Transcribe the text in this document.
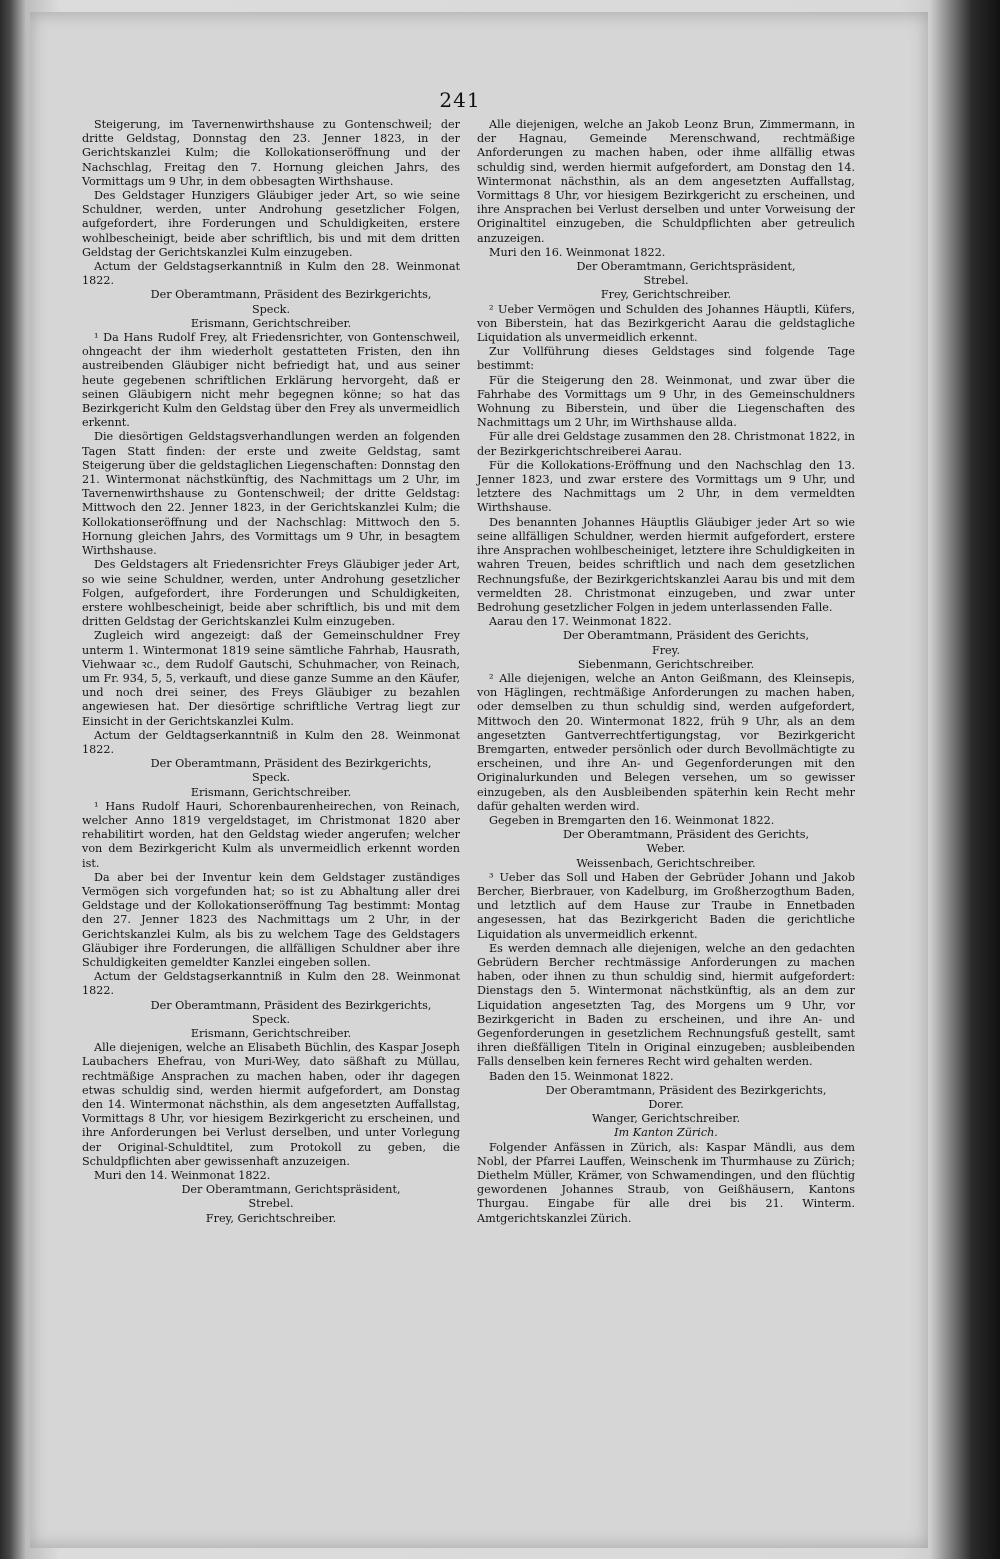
241

Steigerung, im Tavernenwirthshause zu Gontenschweil; der dritte Geldstag, Donnstag den 23. Jenner 1823, in der Gerichtskanzlei Kulm; die Kollokationseröffnung und der Nachschlag, Freitag den 7. Hornung gleichen Jahrs, des Vormittags um 9 Uhr, in dem obbesagten Wirthshause.

Des Geldstager Hunzigers Gläubiger jeder Art, so wie seine Schuldner, werden, unter Androhung gesetzlicher Folgen, aufgefordert, ihre Forderungen und Schuldigkeiten, erstere wohlbescheinigt, beide aber schriftlich, bis und mit dem dritten Geldstag der Gerichtskanzlei Kulm einzugeben.

Actum der Geldstagserkanntniß in Kulm den 28. Weinmonat 1822.

Der Oberamtmann, Präsident des Bezirkgerichts,

Speck.

Erismann, Gerichtschreiber.

¹ Da Hans Rudolf Frey, alt Friedensrichter, von Gontenschweil, ohngeacht der ihm wiederholt gestatteten Fristen, den ihn austreibenden Gläubiger nicht befriedigt hat, und aus seiner heute gegebenen schriftlichen Erklärung hervorgeht, daß er seinen Gläubigern nicht mehr begegnen könne; so hat das Bezirkgericht Kulm den Geldstag über den Frey als unvermeidlich erkennt.

Die diesörtigen Geldstagsverhandlungen werden an folgenden Tagen Statt finden: der erste und zweite Geldstag, samt Steigerung über die geldstaglichen Liegenschaften: Donnstag den 21. Wintermonat nächstkünftig, des Nachmittags um 2 Uhr, im Tavernenwirthshause zu Gontenschweil; der dritte Geldstag: Mittwoch den 22. Jenner 1823, in der Gerichtskanzlei Kulm; die Kollokationseröffnung und der Nachschlag: Mittwoch den 5. Hornung gleichen Jahrs, des Vormittags um 9 Uhr, in besagtem Wirthshause.

Des Geldstagers alt Friedensrichter Freys Gläubiger jeder Art, so wie seine Schuldner, werden, unter Androhung gesetzlicher Folgen, aufgefordert, ihre Forderungen und Schuldigkeiten, erstere wohlbescheinigt, beide aber schriftlich, bis und mit dem dritten Geldstag der Gerichtskanzlei Kulm einzugeben.

Zugleich wird angezeigt: daß der Gemeinschuldner Frey unterm 1. Wintermonat 1819 seine sämtliche Fahrhab, Hausrath, Viehwaar ꝛc., dem Rudolf Gautschi, Schuhmacher, von Reinach, um Fr. 934, 5, 5, verkauft, und diese ganze Summe an den Käufer, und noch drei seiner, des Freys Gläubiger zu bezahlen angewiesen hat. Der diesörtige schriftliche Vertrag liegt zur Einsicht in der Gerichtskanzlei Kulm.

Actum der Geldtagserkanntniß in Kulm den 28. Weinmonat 1822.

Der Oberamtmann, Präsident des Bezirkgerichts,

Speck.

Erismann, Gerichtschreiber.

¹ Hans Rudolf Hauri, Schorenbaurenheirechen, von Reinach, welcher Anno 1819 vergeldstaget, im Christmonat 1820 aber rehabilitirt worden, hat den Geldstag wieder angerufen; welcher von dem Bezirkgericht Kulm als unvermeidlich erkennt worden ist.

Da aber bei der Inventur kein dem Geldstager zuständiges Vermögen sich vorgefunden hat; so ist zu Abhaltung aller drei Geldstage und der Kollokationseröffnung Tag bestimmt: Montag den 27. Jenner 1823 des Nachmittags um 2 Uhr, in der Gerichtskanzlei Kulm, als bis zu welchem Tage des Geldstagers Gläubiger ihre Forderungen, die allfälligen Schuldner aber ihre Schuldigkeiten gemeldter Kanzlei eingeben sollen.

Actum der Geldstagserkanntniß in Kulm den 28. Weinmonat 1822.

Der Oberamtmann, Präsident des Bezirkgerichts,

Speck.

Erismann, Gerichtschreiber.

Alle diejenigen, welche an Elisabeth Büchlin, des Kaspar Joseph Laubachers Ehefrau, von Muri-Wey, dato säßhaft zu Müllau, rechtmäßige Ansprachen zu machen haben, oder ihr dagegen etwas schuldig sind, werden hiermit aufgefordert, am Donstag den 14. Wintermonat nächsthin, als dem angesetzten Auffallstag, Vormittags 8 Uhr, vor hiesigem Bezirkgericht zu erscheinen, und ihre Anforderungen bei Verlust derselben, und unter Vorlegung der Original-Schuldtitel, zum Protokoll zu geben, die Schuldpflichten aber gewissenhaft anzuzeigen.

Muri den 14. Weinmonat 1822.

Der Oberamtmann, Gerichtspräsident,

Strebel.

Frey, Gerichtschreiber.

Alle diejenigen, welche an Jakob Leonz Brun, Zimmermann, in der Hagnau, Gemeinde Merenschwand, rechtmäßige Anforderungen zu machen haben, oder ihme allfällig etwas schuldig sind, werden hiermit aufgefordert, am Donstag den 14. Wintermonat nächsthin, als an dem angesetzten Auffallstag, Vormittags 8 Uhr, vor hiesigem Bezirkgericht zu erscheinen, und ihre Ansprachen bei Verlust derselben und unter Vorweisung der Originaltitel einzugeben, die Schuldpflichten aber getreulich anzuzeigen.

Muri den 16. Weinmonat 1822.

Der Oberamtmann, Gerichtspräsident,

Strebel.

Frey, Gerichtschreiber.

² Ueber Vermögen und Schulden des Johannes Häuptli, Küfers, von Biberstein, hat das Bezirkgericht Aarau die geldstagliche Liquidation als unvermeidlich erkennt.

Zur Vollführung dieses Geldstages sind folgende Tage bestimmt:

Für die Steigerung den 28. Weinmonat, und zwar über die Fahrhabe des Vormittags um 9 Uhr, in des Gemeinschuldners Wohnung zu Biberstein, und über die Liegenschaften des Nachmittags um 2 Uhr, im Wirthshause allda.

Für alle drei Geldstage zusammen den 28. Christmonat 1822, in der Bezirkgerichtschreiberei Aarau.

Für die Kollokations-Eröffnung und den Nachschlag den 13. Jenner 1823, und zwar erstere des Vormittags um 9 Uhr, und letztere des Nachmittags um 2 Uhr, in dem vermeldten Wirthshause.

Des benannten Johannes Häuptlis Gläubiger jeder Art so wie seine allfälligen Schuldner, werden hiermit aufgefordert, erstere ihre Ansprachen wohlbescheiniget, letztere ihre Schuldigkeiten in wahren Treuen, beides schriftlich und nach dem gesetzlichen Rechnungsfuße, der Bezirkgerichtskanzlei Aarau bis und mit dem vermeldten 28. Christmonat einzugeben, und zwar unter Bedrohung gesetzlicher Folgen in jedem unterlassenden Falle.

Aarau den 17. Weinmonat 1822.

Der Oberamtmann, Präsident des Gerichts,

Frey.

Siebenmann, Gerichtschreiber.

² Alle diejenigen, welche an Anton Geißmann, des Kleinsepis, von Häglingen, rechtmäßige Anforderungen zu machen haben, oder demselben zu thun schuldig sind, werden aufgefordert, Mittwoch den 20. Wintermonat 1822, früh 9 Uhr, als an dem angesetzten Gantverrechtfertigungstag, vor Bezirkgericht Bremgarten, entweder persönlich oder durch Bevollmächtigte zu erscheinen, und ihre An- und Gegenforderungen mit den Originalurkunden und Belegen versehen, um so gewisser einzugeben, als den Ausbleibenden späterhin kein Recht mehr dafür gehalten werden wird.

Gegeben in Bremgarten den 16. Weinmonat 1822.

Der Oberamtmann, Präsident des Gerichts,

Weber.

Weissenbach, Gerichtschreiber.

³ Ueber das Soll und Haben der Gebrüder Johann und Jakob Bercher, Bierbrauer, von Kadelburg, im Großherzogthum Baden, und letztlich auf dem Hause zur Traube in Ennetbaden angesessen, hat das Bezirkgericht Baden die gerichtliche Liquidation als unvermeidlich erkennt.

Es werden demnach alle diejenigen, welche an den gedachten Gebrüdern Bercher rechtmässige Anforderungen zu machen haben, oder ihnen zu thun schuldig sind, hiermit aufgefordert: Dienstags den 5. Wintermonat nächstkünftig, als an dem zur Liquidation angesetzten Tag, des Morgens um 9 Uhr, vor Bezirkgericht in Baden zu erscheinen, und ihre An- und Gegenforderungen in gesetzlichem Rechnungsfuß gestellt, samt ihren dießfälligen Titeln in Original einzugeben; ausbleibenden Falls denselben kein ferneres Recht wird gehalten werden.

Baden den 15. Weinmonat 1822.

Der Oberamtmann, Präsident des Bezirkgerichts,

Dorer.

Wanger, Gerichtschreiber.

Im Kanton Zürich.

Folgender Anfässen in Zürich, als: Kaspar Mändli, aus dem Nobl, der Pfarrei Lauffen, Weinschenk im Thurmhause zu Zürich; Diethelm Müller, Krämer, von Schwamendingen, und den flüchtig gewordenen Johannes Straub, von Geißhäusern, Kantons Thurgau. Eingabe für alle drei bis 21. Winterm. Amtgerichtskanzlei Zürich.
